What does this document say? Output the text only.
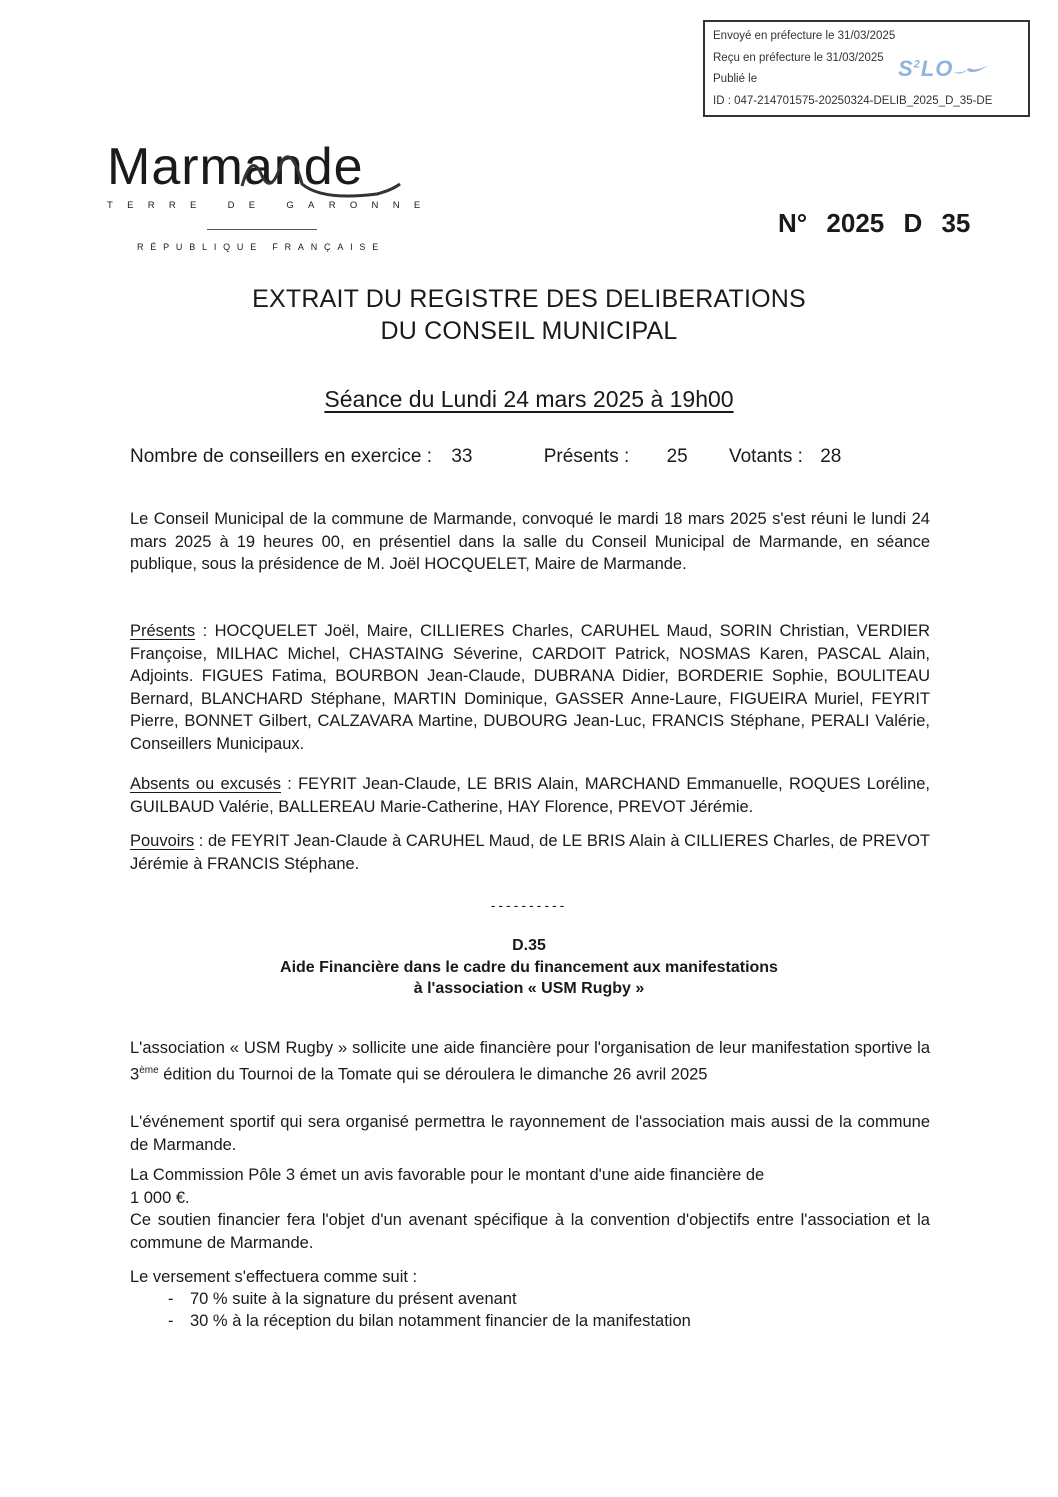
Envoyé en préfecture le 31/03/2025
Reçu en préfecture le 31/03/2025
Publié le
ID : 047-214701575-20250324-DELIB_2025_D_35-DE
$S^2LO$
Marmande
TERRE DE GARONNE
RÉPUBLIQUE FRANÇAISE
N° 2025 D 35
EXTRAIT DU REGISTRE DES DELIBERATIONS
DU CONSEIL MUNICIPAL
Séance du Lundi 24 mars 2025 à 19h00
Nombre de conseillers en exercice : 33	Présents : 25 Votants : 28

Le Conseil Municipal de la commune de Marmande, convoqué le mardi 18 mars 2025 s'est réuni le lundi 24 mars 2025 à 19 heures 00, en présentiel dans la salle du Conseil Municipal de Marmande, en séance publique, sous la présidence de M. Joël HOCQUELET, Maire de Marmande.

Présents : HOCQUELET Joël, Maire, CILLIERES Charles, CARUHEL Maud, SORIN Christian, VERDIER Françoise, MILHAC Michel, CHASTAING Séverine, CARDOIT Patrick, NOSMAS Karen, PASCAL Alain, Adjoints. FIGUES Fatima, BOURBON Jean-Claude, DUBRANA Didier, BORDERIE Sophie, BOULITEAU Bernard, BLANCHARD Stéphane, MARTIN Dominique, GASSER Anne-Laure, FIGUEIRA Muriel, FEYRIT Pierre, BONNET Gilbert, CALZAVARA Martine, DUBOURG Jean-Luc, FRANCIS Stéphane, PERALI Valérie, Conseillers Municipaux.

Absents ou excusés : FEYRIT Jean-Claude, LE BRIS Alain, MARCHAND Emmanuelle, ROQUES Loréline, GUILBAUD Valérie, BALLEREAU Marie-Catherine, HAY Florence, PREVOT Jérémie.

Pouvoirs : de FEYRIT Jean-Claude à CARUHEL Maud, de LE BRIS Alain à CILLIERES Charles, de PREVOT Jérémie à FRANCIS Stéphane.

----------
D.35
Aide Financière dans le cadre du financement aux manifestations
à l'association « USM Rugby »

L'association « USM Rugby » sollicite une aide financière pour l'organisation de leur manifestation sportive la 3ème édition du Tournoi de la Tomate qui se déroulera le dimanche 26 avril 2025

L'événement sportif qui sera organisé permettra le rayonnement de l'association mais aussi de la commune de Marmande.

La Commission Pôle 3 émet un avis favorable pour le montant d'une aide financière de

1 000 €.

Ce soutien financier fera l'objet d'un avenant spécifique à la convention d'objectifs entre l'association et la commune de Marmande.

Le versement s'effectuera comme suit :

- 70 % suite à la signature du présent avenant
- 30 % à la réception du bilan notamment financier de la manifestation
